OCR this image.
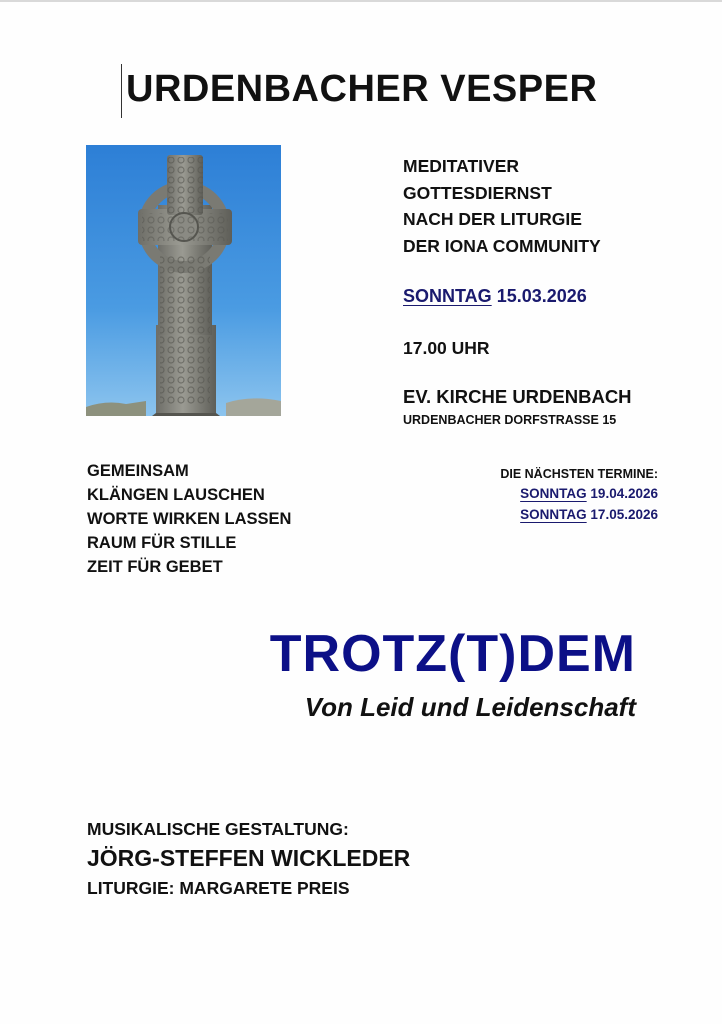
URDENBACHER VESPER
MEDITATIVER
GOTTESDIERNST
NACH DER LITURGIE
DER IONA COMMUNITY
SONNTAG 15.03.2026
17.00 UHR
EV. KIRCHE URDENBACH
URDENBACHER DORFSTRASSE 15
GEMEINSAM
KLÄNGEN LAUSCHEN
WORTE WIRKEN LASSEN
RAUM FÜR STILLE
ZEIT FÜR GEBET
DIE NÄCHSTEN TERMINE:
SONNTAG 19.04.2026
SONNTAG 17.05.2026
TROTZ(T)DEM
Von Leid und Leidenschaft
MUSIKALISCHE GESTALTUNG:
JÖRG-STEFFEN WICKLEDER
LITURGIE: MARGARETE PREIS
